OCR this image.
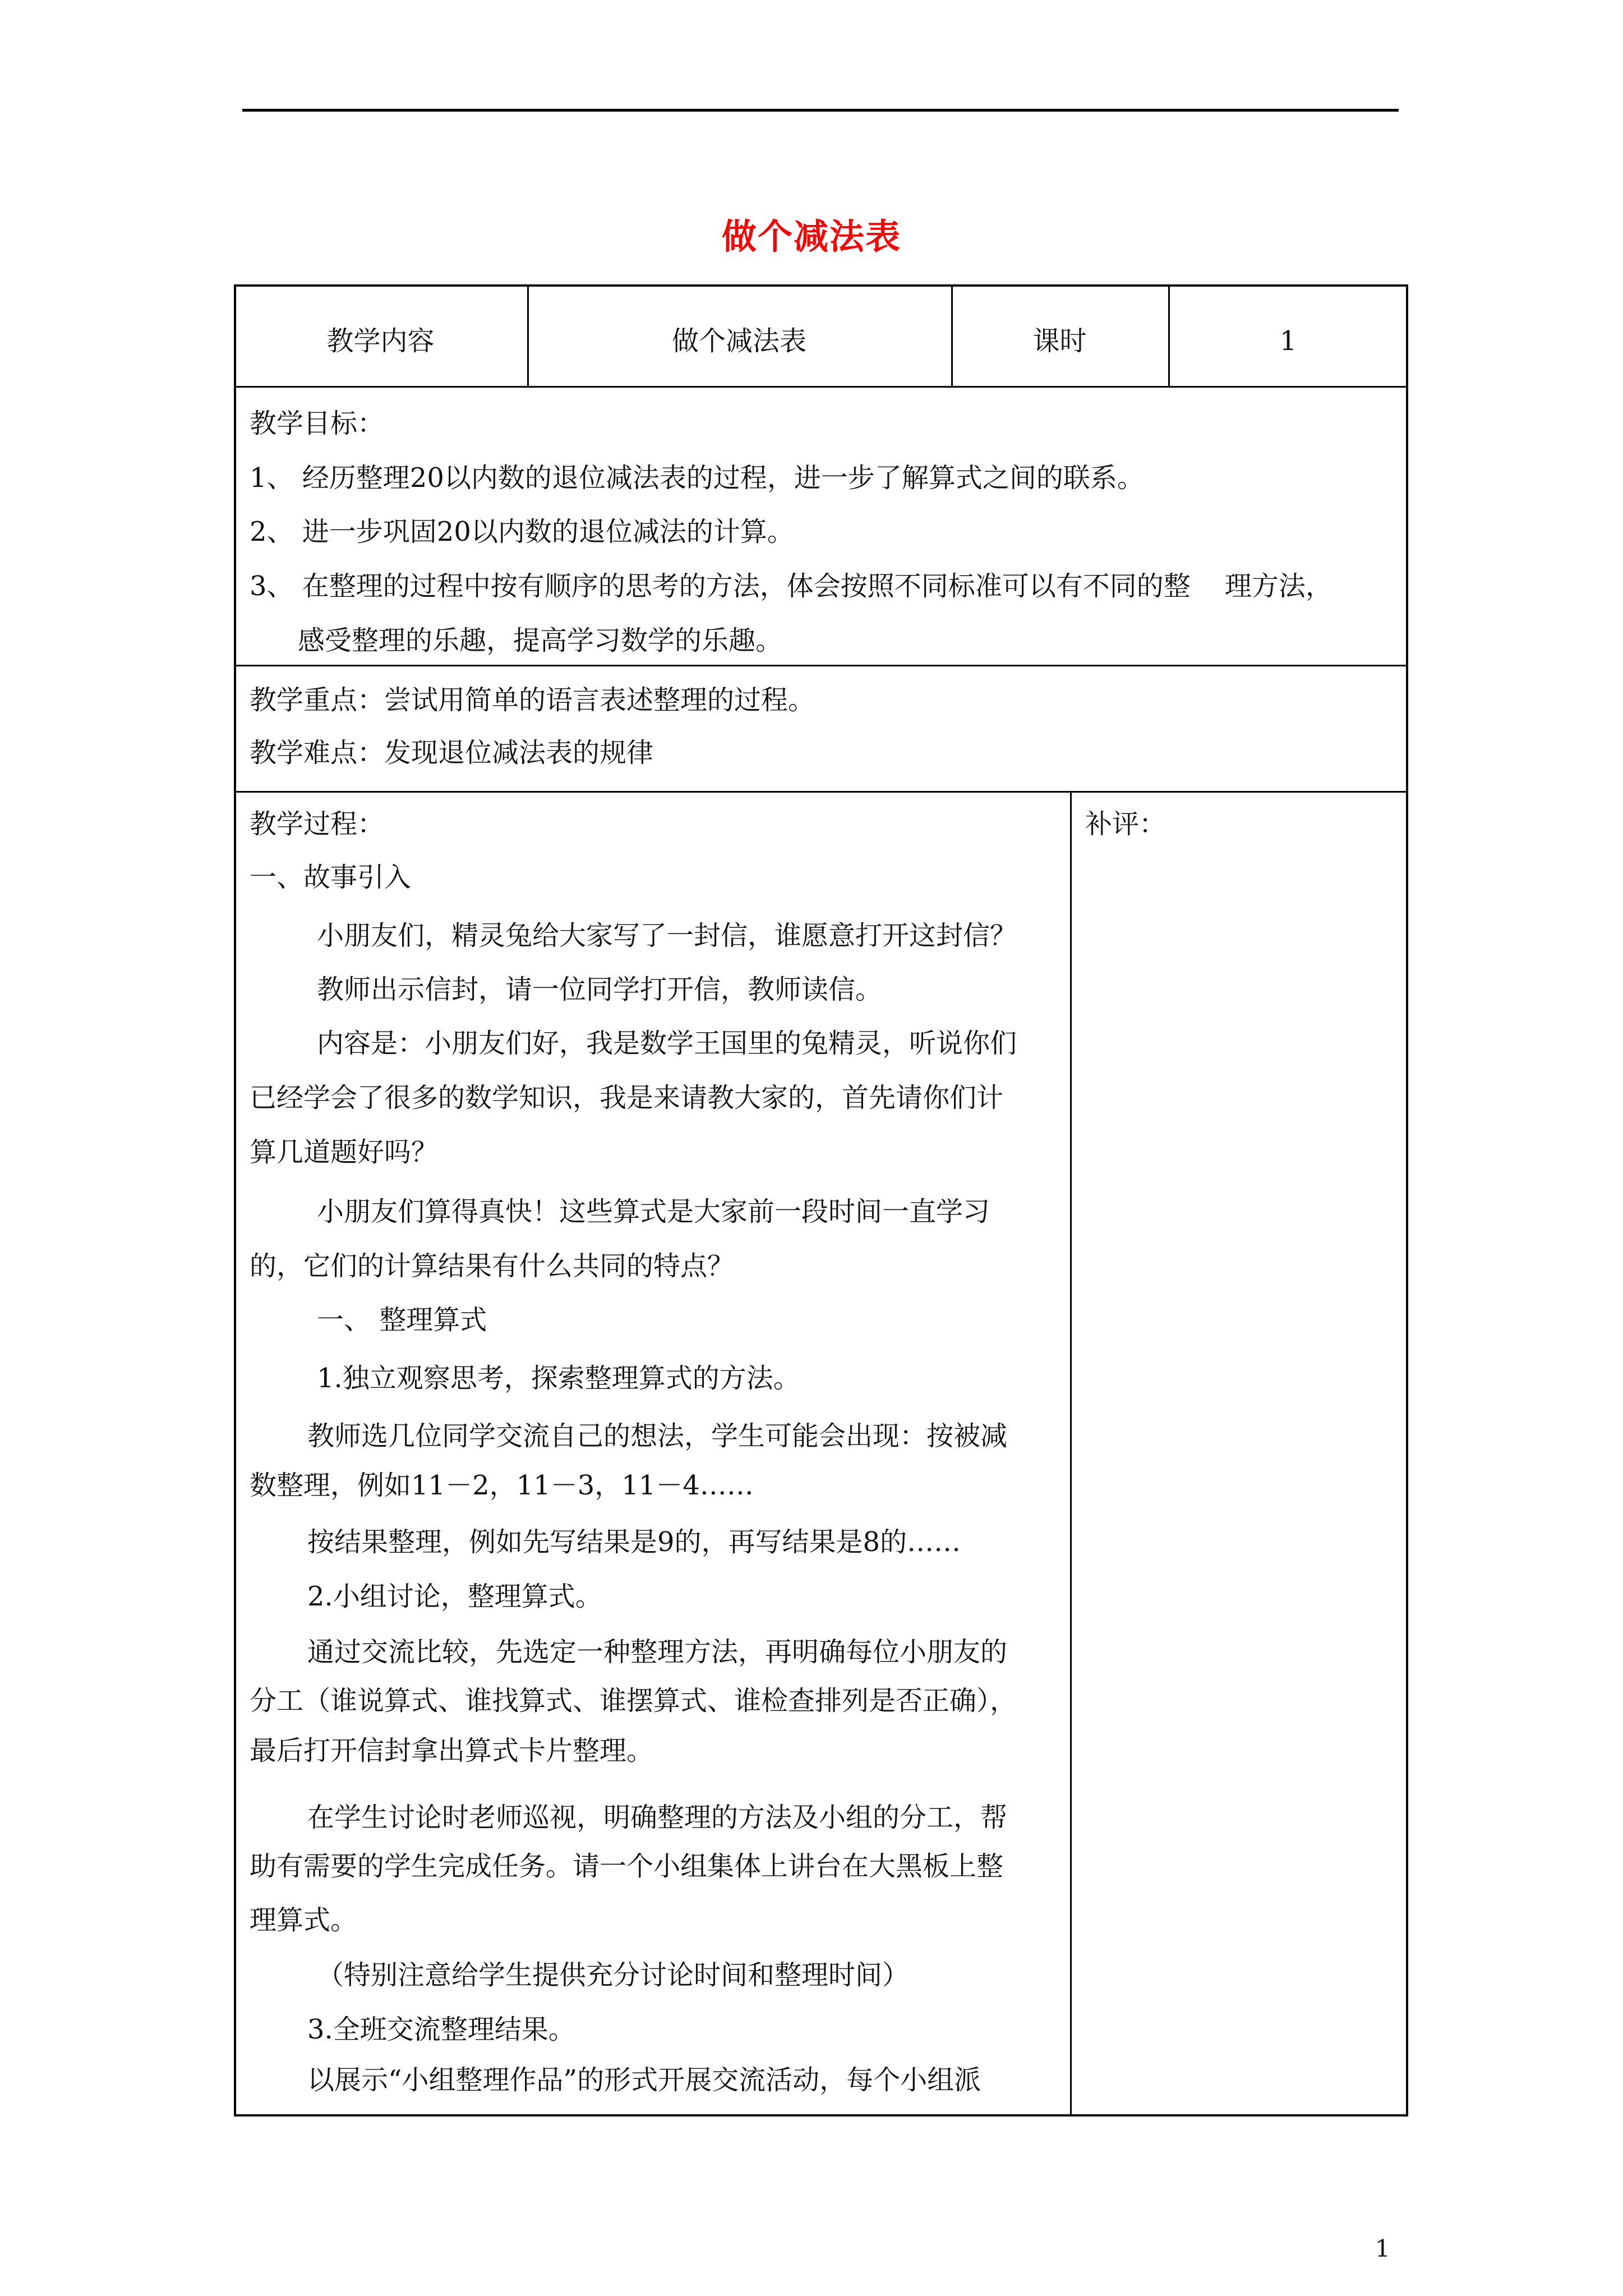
做个减法表
教学内容	做个减法表	课时	1
教学目标：
1、 经历整理20以内数的退位减法表的过程，进一步了解算式之间的联系。
2、 进一步巩固20以内数的退位减法的计算。
3、 在整理的过程中按有顺序的思考的方法，体会按照不同标准可以有不同的整    理方法，
感受整理的乐趣，提高学习数学的乐趣。
教学重点：尝试用简单的语言表述整理的过程。
教学难点：发现退位减法表的规律
教学过程：	补评：
一、故事引入
小朋友们，精灵兔给大家写了一封信，谁愿意打开这封信？
教师出示信封，请一位同学打开信，教师读信。
内容是：小朋友们好，我是数学王国里的兔精灵，听说你们
已经学会了很多的数学知识，我是来请教大家的，首先请你们计
算几道题好吗？
小朋友们算得真快！这些算式是大家前一段时间一直学习
的，它们的计算结果有什么共同的特点？
一、 整理算式
1.独立观察思考，探索整理算式的方法。
教师选几位同学交流自己的想法，学生可能会出现：按被减
数整理，例如11－2，11－3，11－4……
按结果整理，例如先写结果是9的，再写结果是8的……
2.小组讨论，整理算式。
通过交流比较，先选定一种整理方法，再明确每位小朋友的
分工（谁说算式、谁找算式、谁摆算式、谁检查排列是否正确），
最后打开信封拿出算式卡片整理。
在学生讨论时老师巡视，明确整理的方法及小组的分工，帮
助有需要的学生完成任务。请一个小组集体上讲台在大黑板上整
理算式。
（特别注意给学生提供充分讨论时间和整理时间）
3.全班交流整理结果。
以展示“小组整理作品”的形式开展交流活动，每个小组派
1
